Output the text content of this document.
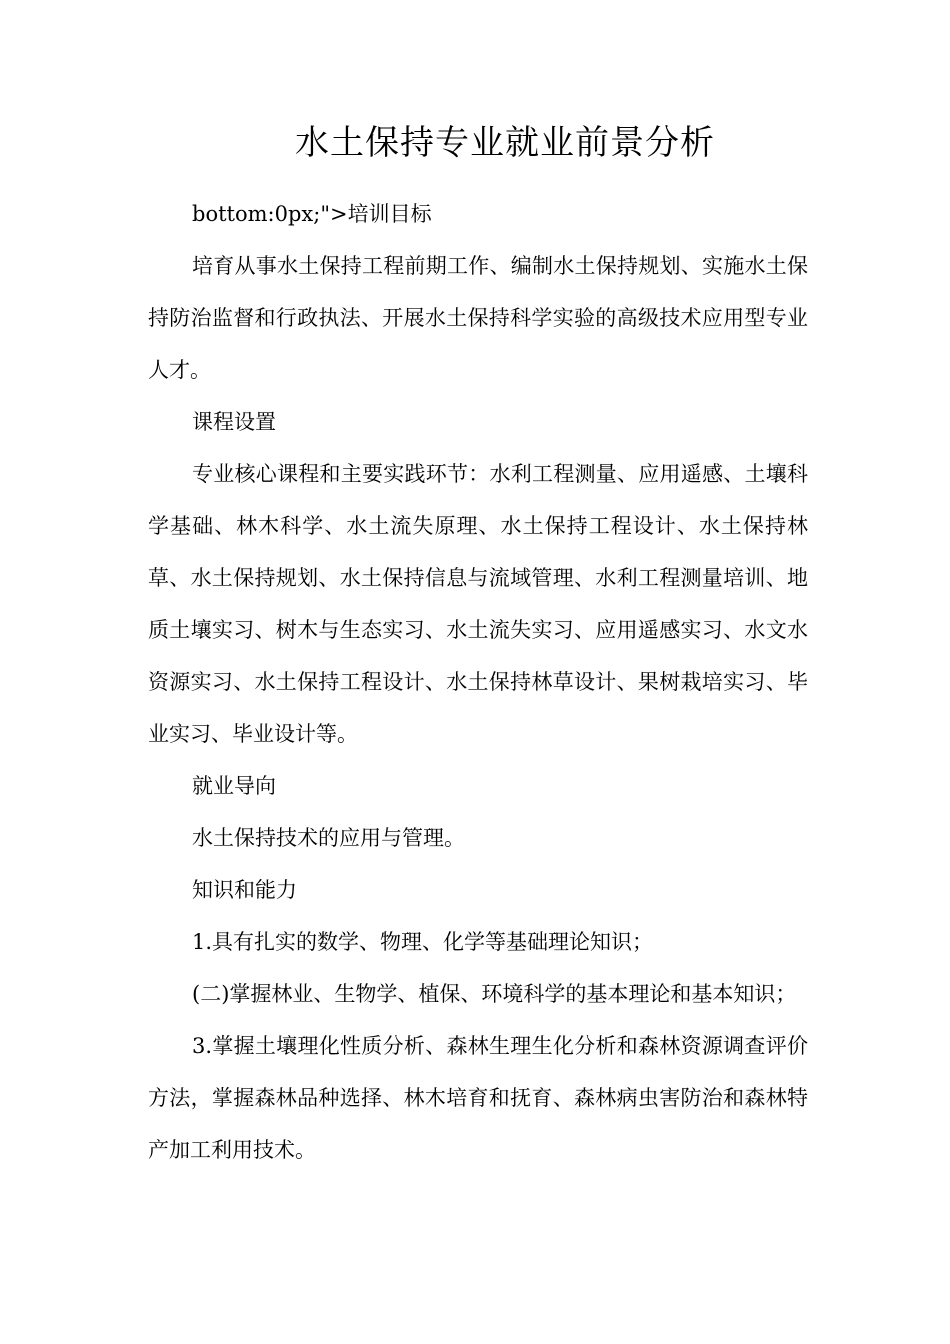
水土保持专业就业前景分析

bottom:0px;">培训目标

培育从事水土保持工程前期工作、编制水土保持规划、实施水土保持防治监督和行政执法、开展水土保持科学实验的高级技术应用型专业人才。

课程设置

专业核心课程和主要实践环节：水利工程测量、应用遥感、土壤科学基础、林木科学、水土流失原理、水土保持工程设计、水土保持林草、水土保持规划、水土保持信息与流域管理、水利工程测量培训、地质土壤实习、树木与生态实习、水土流失实习、应用遥感实习、水文水资源实习、水土保持工程设计、水土保持林草设计、果树栽培实习、毕业实习、毕业设计等。

就业导向

水土保持技术的应用与管理。

知识和能力

1.具有扎实的数学、物理、化学等基础理论知识；

(二)掌握林业、生物学、植保、环境科学的基本理论和基本知识；

3.掌握土壤理化性质分析、森林生理生化分析和森林资源调查评价方法，掌握森林品种选择、林木培育和抚育、森林病虫害防治和森林特产加工利用技术。
